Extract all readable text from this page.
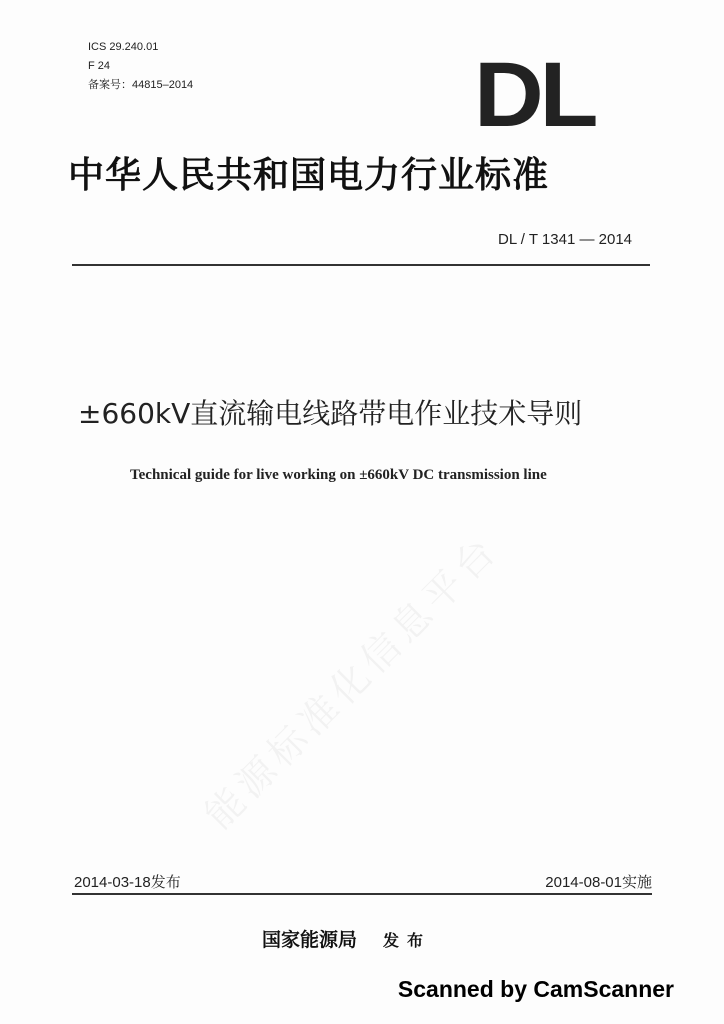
ICS 29.240.01
F 24
备案号：44815–2014	DL
中华人民共和国电力行业标准
DL / T 1341 — 2014
±660kV直流输电线路带电作业技术导则
Technical guide for live working on ±660kV DC transmission line
2014-03-18发布	2014-08-01实施
国家能源局 发布
Scanned by CamScanner
